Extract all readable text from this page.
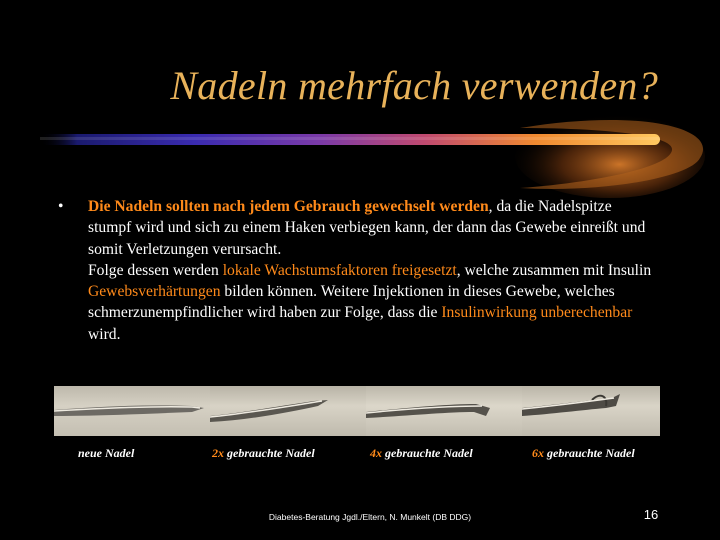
Nadeln mehrfach verwenden?
• Die Nadeln sollten nach jedem Gebrauch gewechselt werden, da die Nadelspitze stumpf wird und sich zu einem Haken verbiegen kann, der dann das Gewebe einreißt und somit Verletzungen verursacht.
Folge dessen werden lokale Wachstumsfaktoren freigesetzt, welche zusammen mit Insulin Gewebsverhärtungen bilden können. Weitere Injektionen in dieses Gewebe, welches schmerzunempfindlicher wird haben zur Folge, dass die Insulinwirkung unberechenbar wird.
neue Nadel	2x gebrauchte Nadel	4x gebrauchte Nadel	6x gebrauchte Nadel
Diabetes-Beratung Jgdl./Eltern, N. Munkelt (DB DDG)	16
